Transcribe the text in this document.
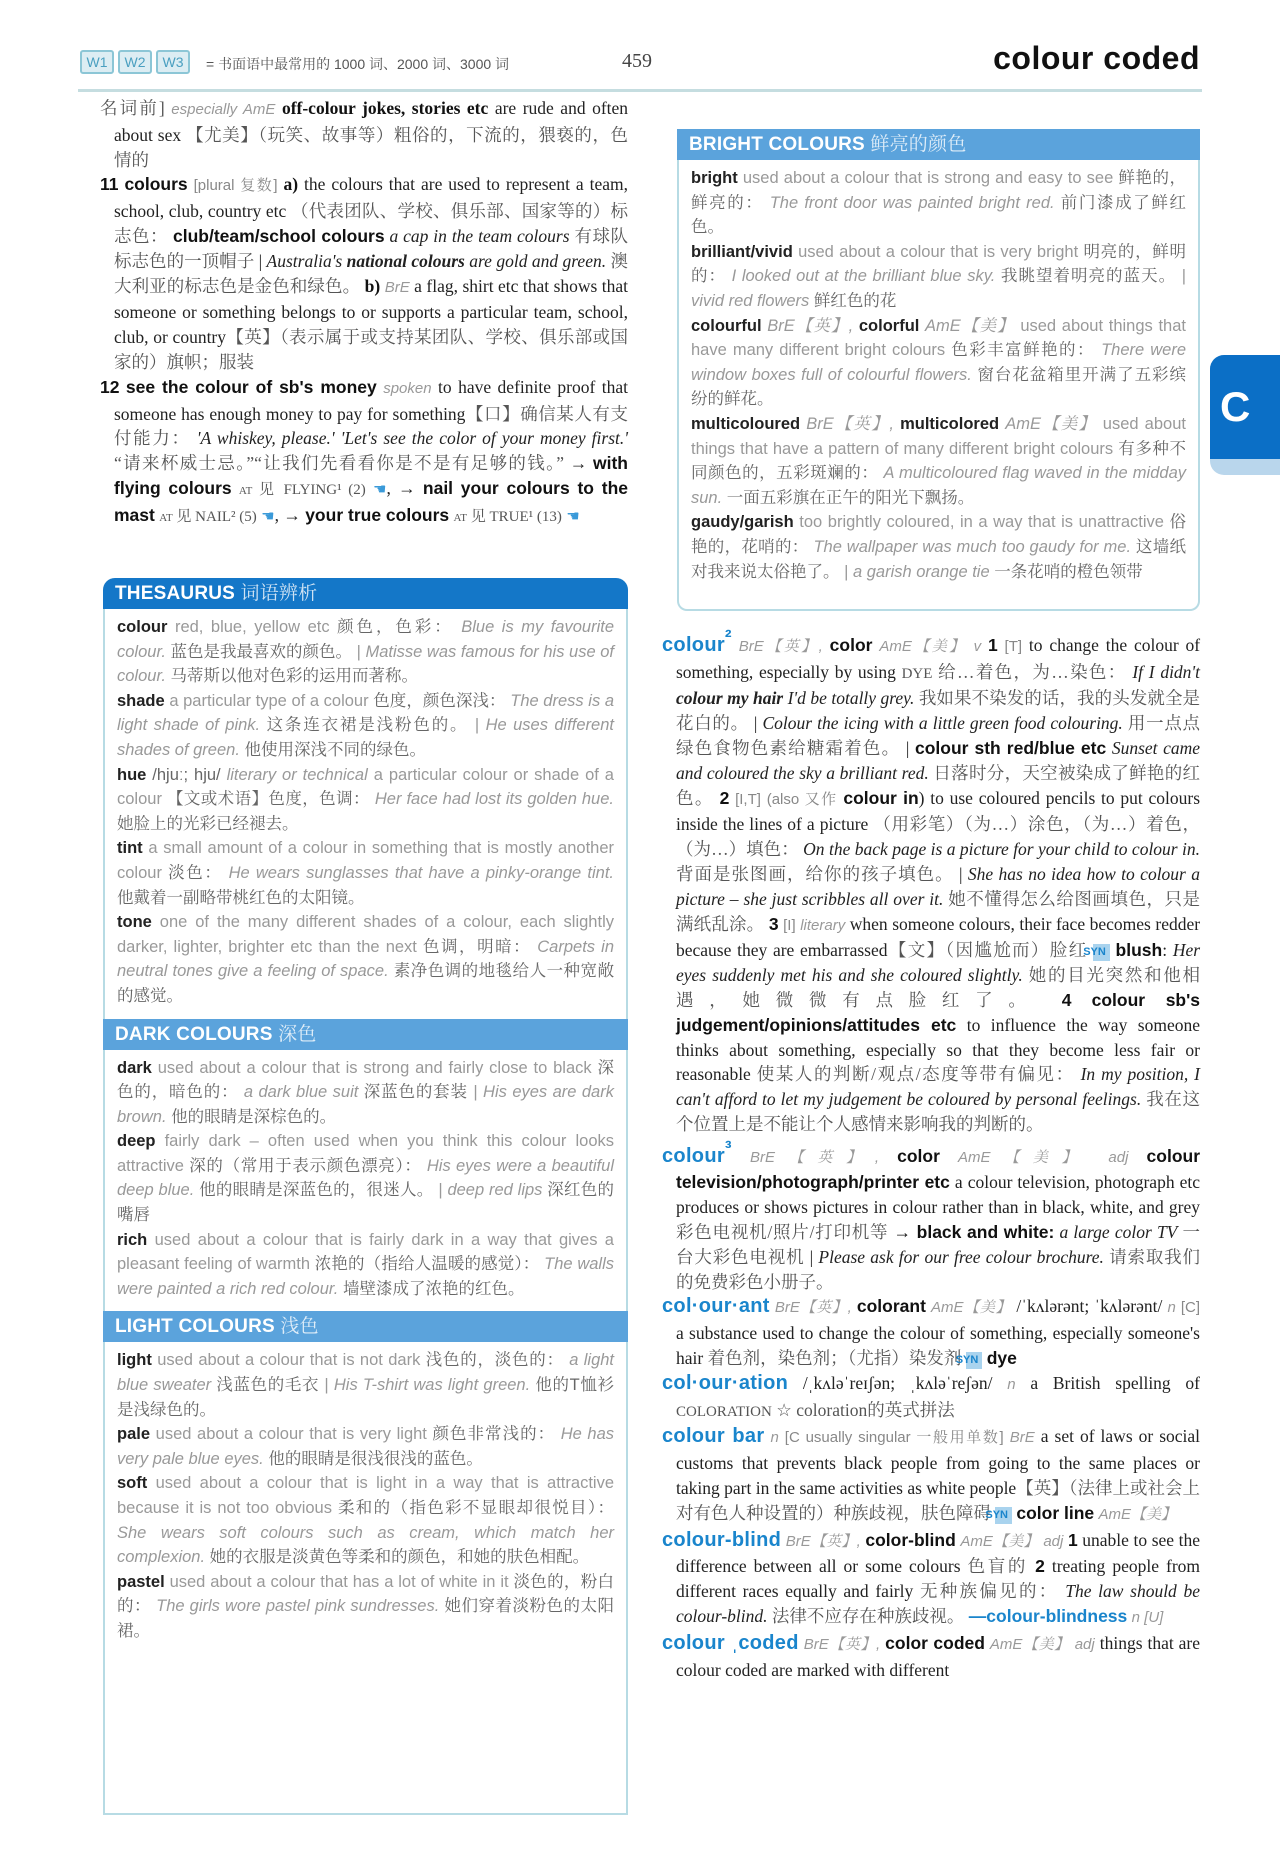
W1	W2	W3	= 书面语中最常用的 1000 词、2000 词、3000 词	459	colour coded
C
名词前] especially AmE off-colour jokes, stories etc are rude and often about sex 【尤美】（玩笑、故事等）粗俗的，下流的，猥亵的，色情的
11 colours [plural 复数] a) the colours that are used to represent a team, school, club, country etc （代表团队、学校、俱乐部、国家等的）标志色： club/team/school colours a cap in the team colours 有球队标志色的一顶帽子 | Australia's national colours are gold and green. 澳大利亚的标志色是金色和绿色。 b) BrE a flag, shirt etc that shows that someone or something belongs to or supports a particular team, school, club, or country【英】（表示属于或支持某团队、学校、俱乐部或国家的）旗帜；服装
12 see the colour of sb's money spoken to have definite proof that someone has enough money to pay for something【口】确信某人有支付能力： 'A whiskey, please.' 'Let's see the color of your money first.' “请来杯威士忌。”“让我们先看看你是不是有足够的钱。” → with flying colours at 见 FLYING¹ (2) ☚, → nail your colours to the mast at 见 NAIL² (5) ☚, → your true colours at 见 TRUE¹ (13) ☚
THESAURUS 词语辨析

colour red, blue, yellow etc 颜色，色彩： Blue is my favourite colour. 蓝色是我最喜欢的颜色。 | Matisse was famous for his use of colour. 马蒂斯以他对色彩的运用而著称。

shade a particular type of a colour 色度，颜色深浅： The dress is a light shade of pink. 这条连衣裙是浅粉色的。 | He uses different shades of green. 他使用深浅不同的绿色。

hue /hjuː; hju/ literary or technical a particular colour or shade of a colour 【文或术语】色度，色调： Her face had lost its golden hue. 她脸上的光彩已经褪去。

tint a small amount of a colour in something that is mostly another colour 淡色： He wears sunglasses that have a pinky-orange tint. 他戴着一副略带桃红色的太阳镜。

tone one of the many different shades of a colour, each slightly darker, lighter, brighter etc than the next 色调，明暗： Carpets in neutral tones give a feeling of space. 素净色调的地毯给人一种宽敞的感觉。

DARK COLOURS 深色

dark used about a colour that is strong and fairly close to black 深色的，暗色的： a dark blue suit 深蓝色的套装 | His eyes are dark brown. 他的眼睛是深棕色的。

deep fairly dark – often used when you think this colour looks attractive 深的（常用于表示颜色漂亮）： His eyes were a beautiful deep blue. 他的眼睛是深蓝色的，很迷人。 | deep red lips 深红色的嘴唇

rich used about a colour that is fairly dark in a way that gives a pleasant feeling of warmth 浓艳的（指给人温暖的感觉）： The walls were painted a rich red colour. 墙壁漆成了浓艳的红色。

LIGHT COLOURS 浅色

light used about a colour that is not dark 浅色的，淡色的： a light blue sweater 浅蓝色的毛衣 | His T-shirt was light green. 他的T恤衫是浅绿色的。

pale used about a colour that is very light 颜色非常浅的： He has very pale blue eyes. 他的眼睛是很浅很浅的蓝色。

soft used about a colour that is light in a way that is attractive because it is not too obvious 柔和的（指色彩不显眼却很悦目）： She wears soft colours such as cream, which match her complexion. 她的衣服是淡黄色等柔和的颜色，和她的肤色相配。

pastel used about a colour that has a lot of white in it 淡色的，粉白的： The girls wore pastel pink sundresses. 她们穿着淡粉色的太阳裙。

BRIGHT COLOURS 鲜亮的颜色

bright used about a colour that is strong and easy to see 鲜艳的，鲜亮的： The front door was painted bright red. 前门漆成了鲜红色。

brilliant/vivid used about a colour that is very bright 明亮的，鲜明的： I looked out at the brilliant blue sky. 我眺望着明亮的蓝天。 | vivid red flowers 鲜红色的花

colourful BrE【英】, colorful AmE【美】 used about things that have many different bright colours 色彩丰富鲜艳的： There were window boxes full of colourful flowers. 窗台花盆箱里开满了五彩缤纷的鲜花。

multicoloured BrE【英】, multicolored AmE【美】 used about things that have a pattern of many different bright colours 有多种不同颜色的，五彩斑斓的： A multicoloured flag waved in the midday sun. 一面五彩旗在正午的阳光下飘扬。

gaudy/garish too brightly coloured, in a way that is unattractive 俗艳的，花哨的： The wallpaper was much too gaudy for me. 这墙纸对我来说太俗艳了。 | a garish orange tie 一条花哨的橙色领带

colour$^{^2}$ BrE【英】, color AmE【美】 v 1 [T] to change the colour of something, especially by using DYE 给…着色，为…染色： If I didn't colour my hair I'd be totally grey. 我如果不染发的话，我的头发就全是花白的。 | Colour the icing with a little green food colouring. 用一点点绿色食物色素给糖霜着色。 | colour sth red/blue etc Sunset came and coloured the sky a brilliant red. 日落时分，天空被染成了鲜艳的红色。 2 [I,T] (also 又作 colour in) to use coloured pencils to put colours inside the lines of a picture （用彩笔）（为…）涂色，（为…）着色，（为…）填色： On the back page is a picture for your child to colour in. 背面是张图画，给你的孩子填色。 | She has no idea how to colour a picture – she just scribbles all over it. 她不懂得怎么给图画填色，只是满纸乱涂。 3 [I] literary when someone colours, their face becomes redder because they are embarrassed【文】（因尴尬而）脸红 SYN blush: Her eyes suddenly met his and she coloured slightly. 她的目光突然和他相遇，她微微有点脸红了。 4 colour sb's judgement/opinions/attitudes etc to influence the way someone thinks about something, especially so that they become less fair or reasonable 使某人的判断/观点/态度等带有偏见： In my position, I can't afford to let my judgement be coloured by personal feelings. 我在这个位置上是不能让个人感情来影响我的判断的。
colour$^{^3}$ BrE【英】, color AmE【美】 adj colour television/photograph/printer etc a colour television, photograph etc produces or shows pictures in colour rather than in black, white, and grey 彩色电视机/照片/打印机等 → black and white: a large color TV 一台大彩色电视机 | Please ask for our free colour brochure. 请索取我们的免费彩色小册子。
col·our·ant BrE【英】, colorant AmE【美】 /ˈkʌlərənt; ˈkʌlərənt/ n [C] a substance used to change the colour of something, especially someone's hair 着色剂，染色剂；（尤指）染发剂 SYN dye
col·our·ation /ˌkʌləˈreɪʃən; ˌkʌləˈreʃən/ n a British spelling of COLORATION ☆ coloration的英式拼法
colour bar n [C usually singular 一般用单数] BrE a set of laws or social customs that prevents black people from going to the same places or taking part in the same activities as white people【英】（法律上或社会上对有色人种设置的）种族歧视，肤色障碍 SYN color line AmE【美】
colour-blind BrE【英】, color-blind AmE【美】 adj 1 unable to see the difference between all or some colours 色盲的 2 treating people from different races equally and fairly 无种族偏见的： The law should be colour-blind. 法律不应存在种族歧视。 —colour-blindness n [U]
colour ˌcoded BrE【英】, color coded AmE【美】 adj things that are colour coded are marked with different
